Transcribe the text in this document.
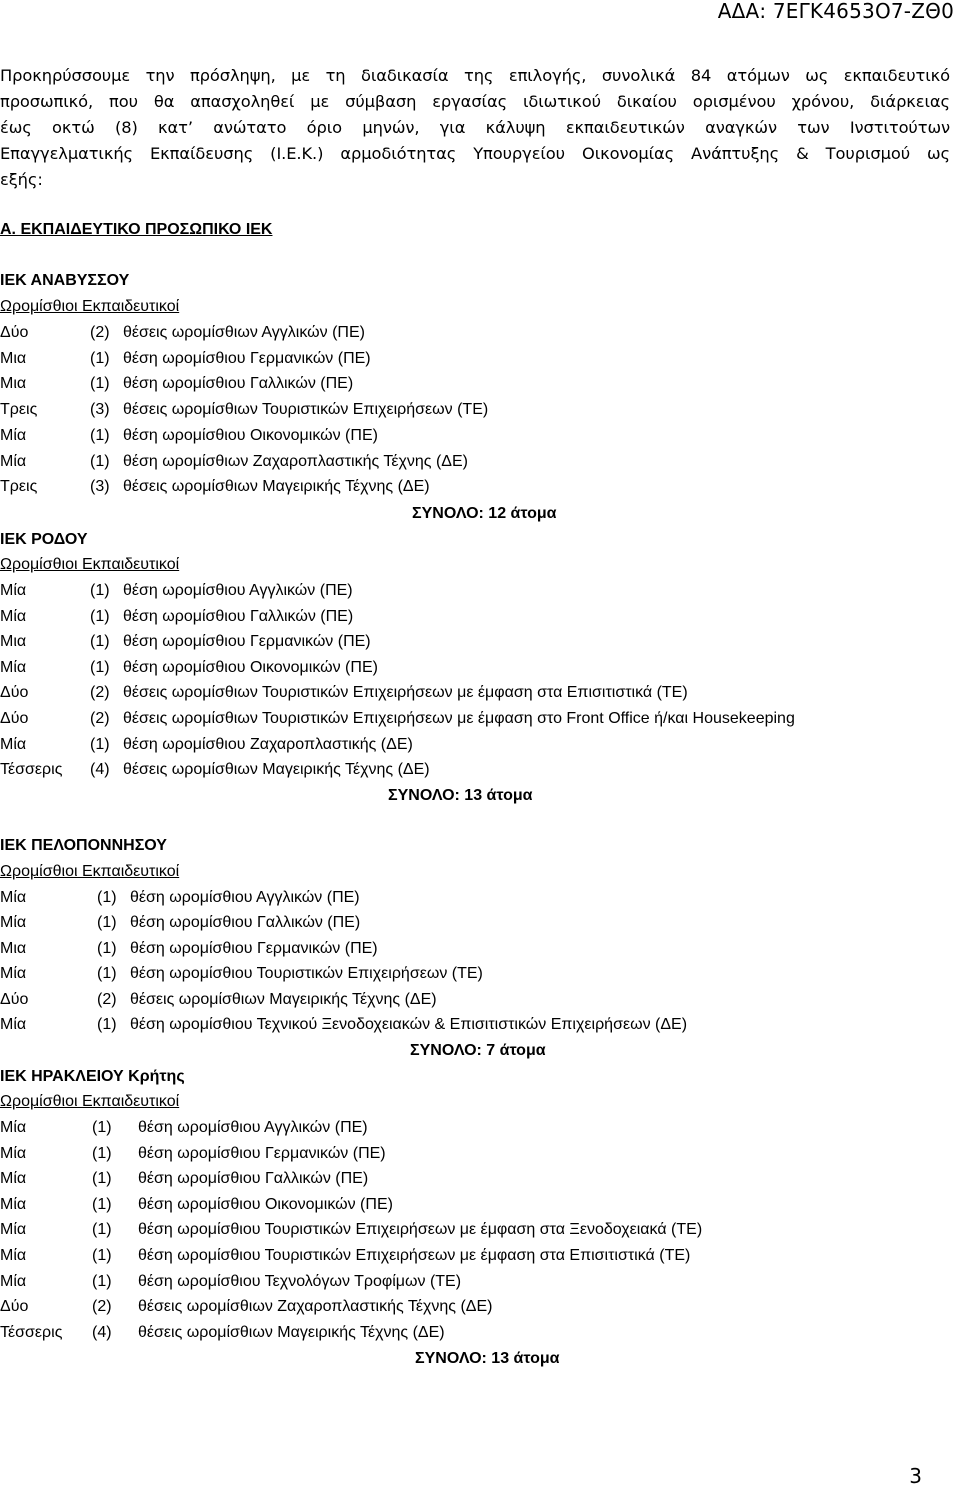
ΑΔΑ: 7ΕΓΚ4653Ο7-ΖΘ0
Προκηρύσσουμε την πρόσληψη, με τη διαδικασία της επιλογής, συνολικά 84 ατόμων ως εκπαιδευτικό
προσωπικό, που θα απασχοληθεί με σύμβαση εργασίας ιδιωτικού δικαίου ορισμένου χρόνου, διάρκειας
έως οκτώ (8) κατ’ ανώτατο όριο μηνών, για κάλυψη εκπαιδευτικών αναγκών των Ινστιτούτων
Επαγγελματικής Εκπαίδευσης (Ι.Ε.Κ.) αρμοδιότητας Υπουργείου Οικονομίας Ανάπτυξης & Τουρισμού ως
εξής:
Α. ΕΚΠΑΙΔΕΥΤΙΚΟ ΠΡΟΣΩΠΙΚΟ ΙΕΚ
ΙΕΚ ΑΝΑΒΥΣΣΟΥ
Ωρομίσθιοι Εκπαιδευτικοί
Δύο	(2) θέσεις ωρομίσθιων Αγγλικών (ΠΕ)
Μια	(1) θέση ωρομίσθιου Γερμανικών (ΠΕ)
Μια	(1) θέση ωρομίσθιου Γαλλικών (ΠΕ)
Τρεις	(3) θέσεις ωρομίσθιων Τουριστικών Επιχειρήσεων (ΤΕ)
Μία	(1) θέση ωρομίσθιου Οικονομικών (ΠΕ)
Μία	(1) θέση ωρομίσθιων Ζαχαροπλαστικής Τέχνης (ΔΕ)
Τρεις	(3) θέσεις ωρομίσθιων Μαγειρικής Τέχνης (ΔΕ)
ΣΥΝΟΛΟ: 12 άτομα
ΙΕΚ ΡΟΔΟΥ
Ωρομίσθιοι Εκπαιδευτικοί
Μία	(1) θέση ωρομίσθιου Αγγλικών (ΠΕ)
Μία	(1) θέση ωρομίσθιου Γαλλικών (ΠΕ)
Μια	(1) θέση ωρομίσθιου Γερμανικών (ΠΕ)
Μία	(1) θέση ωρομίσθιου Οικονομικών (ΠΕ)
Δύο	(2) θέσεις ωρομίσθιων Τουριστικών Επιχειρήσεων με έμφαση στα Επισιτιστικά (ΤΕ)
Δύο	(2) θέσεις ωρομίσθιων Τουριστικών Επιχειρήσεων με έμφαση στο Front Office ή/και Housekeeping
Μία	(1) θέση ωρομίσθιου Ζαχαροπλαστικής (ΔΕ)
Τέσσερις (4) θέσεις ωρομίσθιων Μαγειρικής Τέχνης (ΔΕ)
ΣΥΝΟΛΟ: 13 άτομα
ΙΕΚ ΠΕΛΟΠΟΝΝΗΣΟΥ
Ωρομίσθιοι Εκπαιδευτικοί
Μία	(1) θέση ωρομίσθιου Αγγλικών (ΠΕ)
Μία	(1) θέση ωρομίσθιου Γαλλικών (ΠΕ)
Μια	(1) θέση ωρομίσθιου Γερμανικών (ΠΕ)
Μία	(1) θέση ωρομίσθιου Τουριστικών Επιχειρήσεων (ΤΕ)
Δύο	(2) θέσεις ωρομίσθιων Μαγειρικής Τέχνης (ΔΕ)
Μία	(1) θέση ωρομίσθιου Τεχνικού Ξενοδοχειακών & Επισιτιστικών Επιχειρήσεων (ΔΕ)
ΣΥΝΟΛΟ: 7 άτομα
ΙΕΚ ΗΡΑΚΛΕΙΟΥ Κρήτης
Ωρομίσθιοι Εκπαιδευτικοί
Μία	(1) θέση ωρομίσθιου Αγγλικών (ΠΕ)
Μία	(1) θέση ωρομίσθιου Γερμανικών (ΠΕ)
Μία	(1) θέση ωρομίσθιου Γαλλικών (ΠΕ)
Μία	(1) θέση ωρομίσθιου Οικονομικών (ΠΕ)
Μία	(1) θέση ωρομίσθιου Τουριστικών Επιχειρήσεων με έμφαση στα Ξενοδοχειακά (ΤΕ)
Μία	(1) θέση ωρομίσθιου Τουριστικών Επιχειρήσεων με έμφαση στα Επισιτιστικά (ΤΕ)
Μία	(1) θέση ωρομίσθιου Τεχνολόγων Τροφίμων (ΤΕ)
Δύο	(2) θέσεις ωρομίσθιων Ζαχαροπλαστικής Τέχνης (ΔΕ)
Τέσσερις (4) θέσεις ωρομίσθιων Μαγειρικής Τέχνης (ΔΕ)
ΣΥΝΟΛΟ: 13 άτομα
3
